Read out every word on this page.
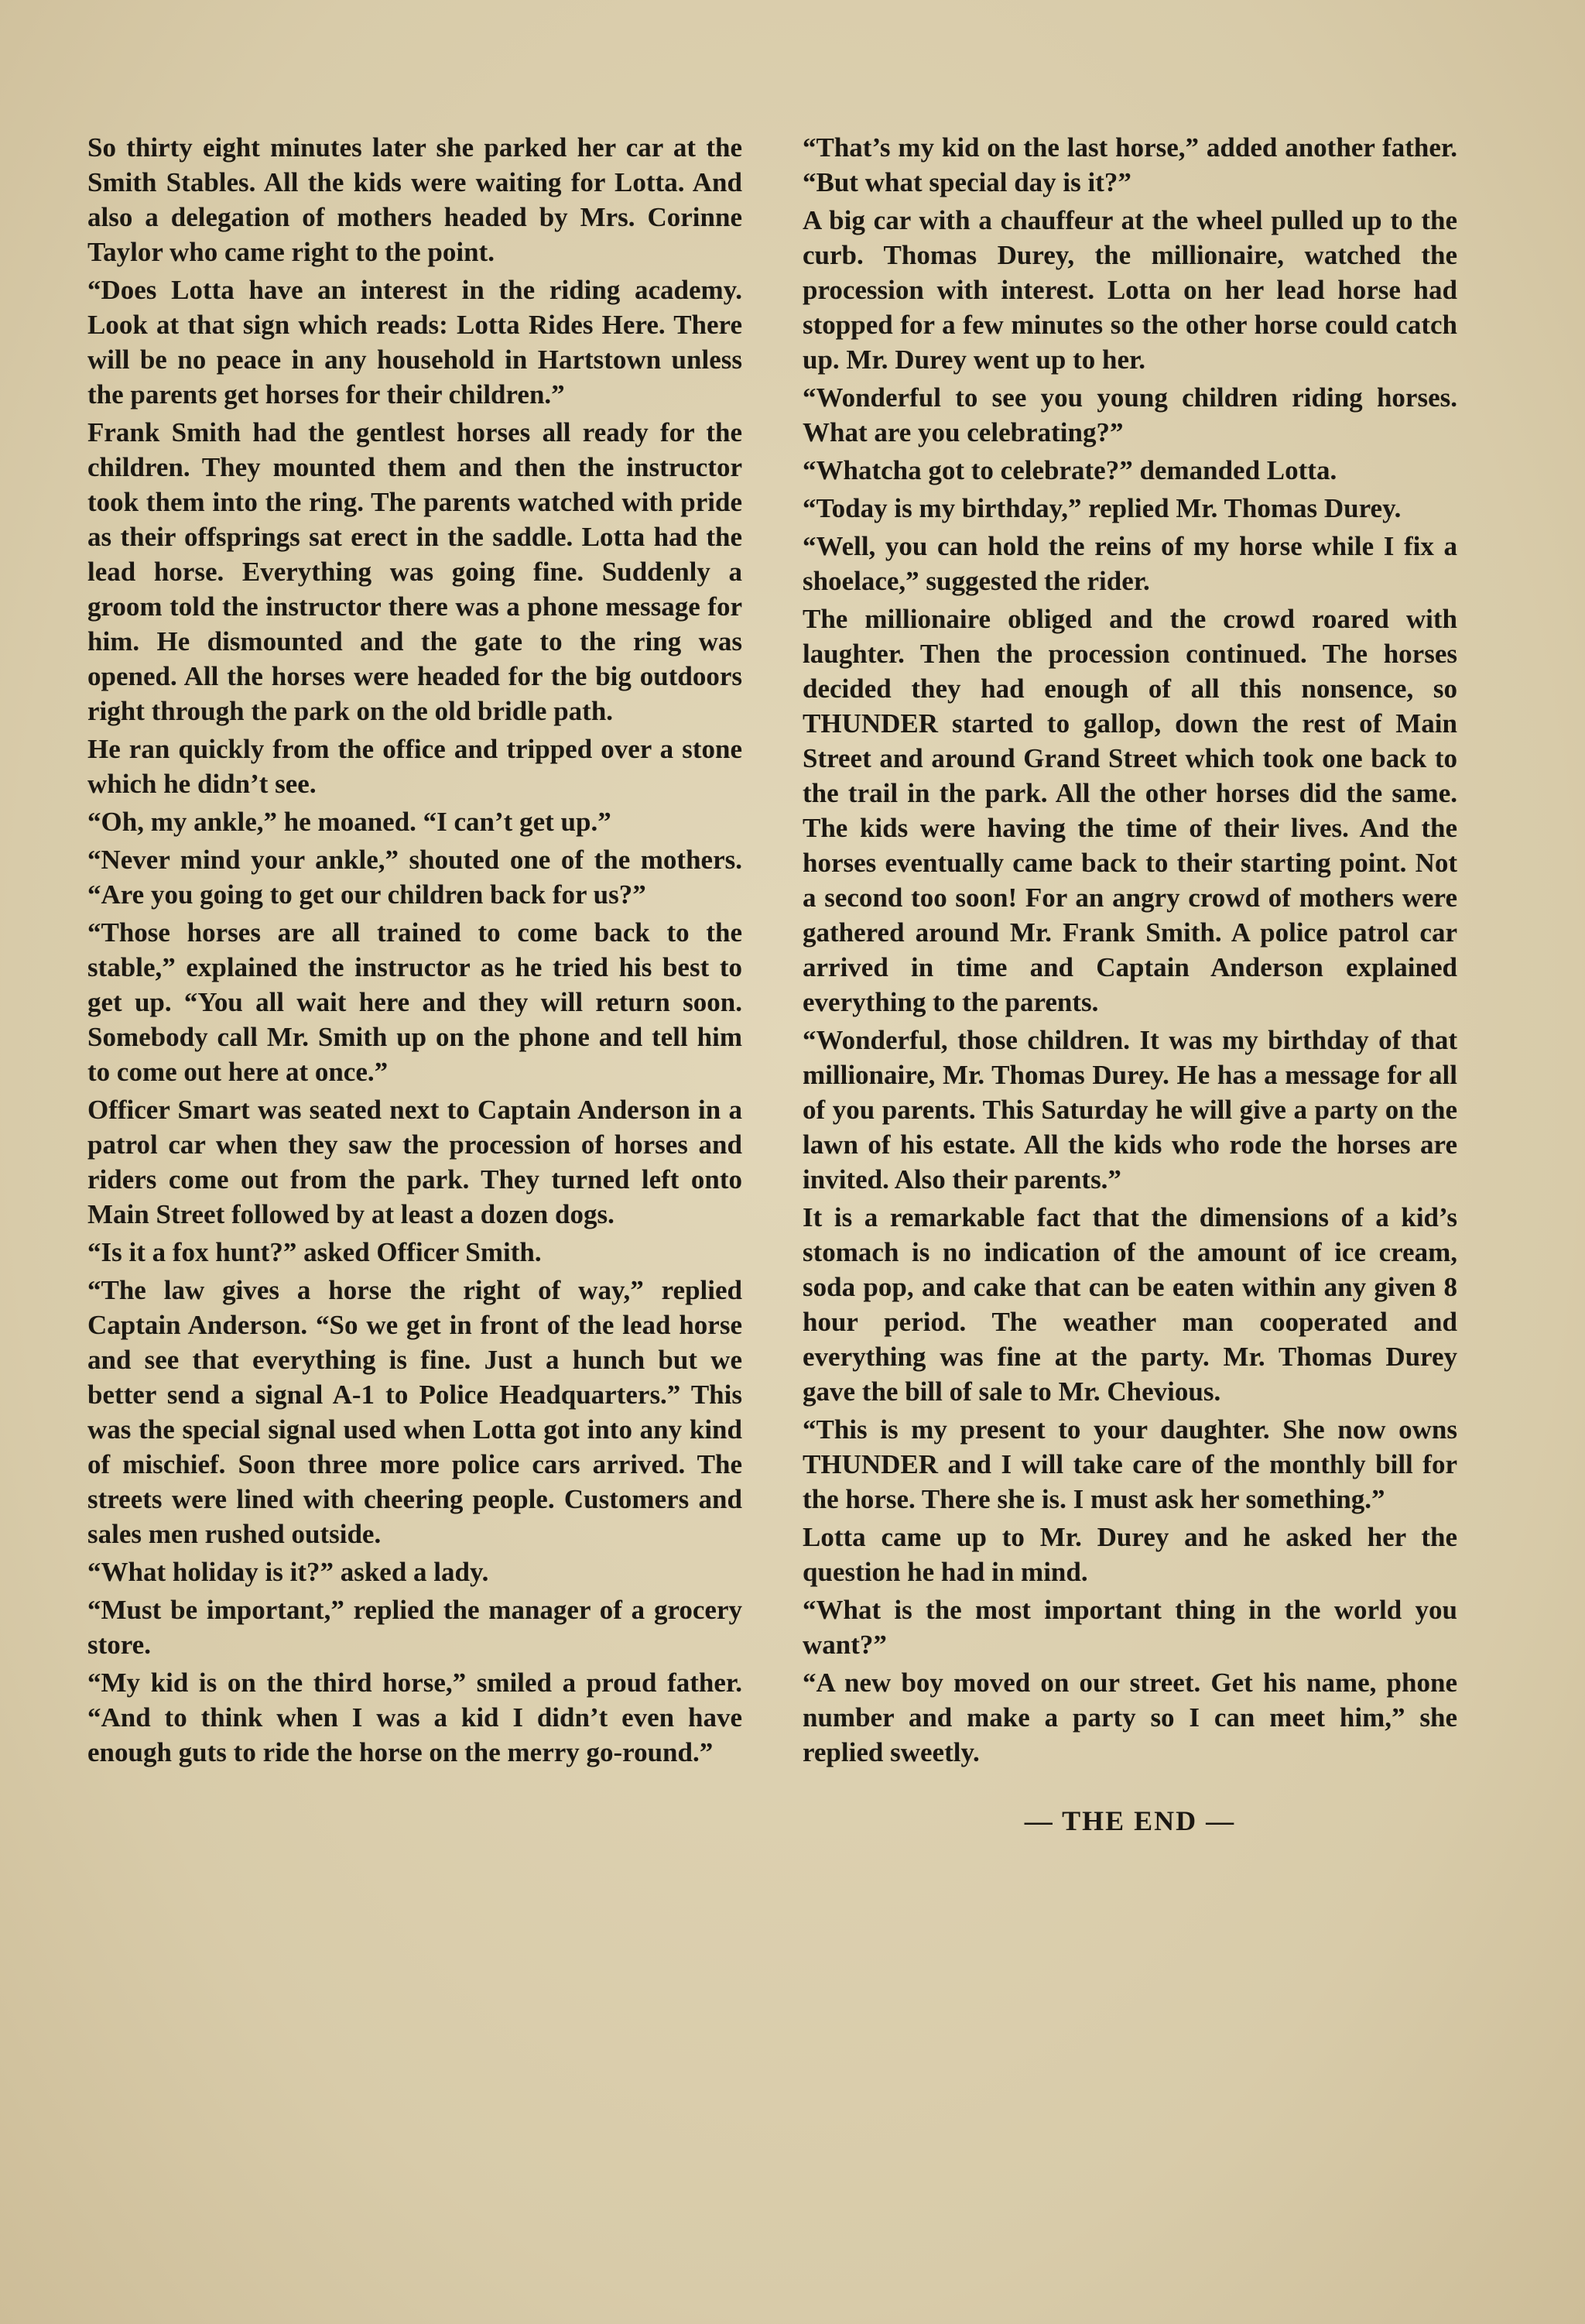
So thirty eight minutes later she parked her car at the Smith Stables. All the kids were waiting for Lotta. And also a delegation of mothers headed by Mrs. Corinne Taylor who came right to the point.

“Does Lotta have an interest in the riding academy. Look at that sign which reads: Lotta Rides Here. There will be no peace in any household in Hartstown unless the parents get horses for their children.”

Frank Smith had the gentlest horses all ready for the children. They mounted them and then the instructor took them into the ring. The parents watched with pride as their offsprings sat erect in the saddle. Lotta had the lead horse. Everything was going fine. Suddenly a groom told the instructor there was a phone message for him. He dismounted and the gate to the ring was opened. All the horses were headed for the big outdoors right through the park on the old bridle path.

He ran quickly from the office and tripped over a stone which he didn’t see.

“Oh, my ankle,” he moaned. “I can’t get up.”

“Never mind your ankle,” shouted one of the mothers. “Are you going to get our children back for us?”

“Those horses are all trained to come back to the stable,” explained the instructor as he tried his best to get up. “You all wait here and they will return soon. Somebody call Mr. Smith up on the phone and tell him to come out here at once.”

Officer Smart was seated next to Captain Anderson in a patrol car when they saw the procession of horses and riders come out from the park. They turned left onto Main Street followed by at least a dozen dogs.

“Is it a fox hunt?” asked Officer Smith.

“The law gives a horse the right of way,” replied Captain Anderson. “So we get in front of the lead horse and see that everything is fine. Just a hunch but we better send a signal A-1 to Police Headquarters.” This was the special signal used when Lotta got into any kind of mischief. Soon three more police cars arrived. The streets were lined with cheering people. Customers and sales men rushed outside.

“What holiday is it?” asked a lady.

“Must be important,” replied the manager of a grocery store.

“My kid is on the third horse,” smiled a proud father. “And to think when I was a kid I didn’t even have enough guts to ride the horse on the merry go-round.”

“That’s my kid on the last horse,” added another father. “But what special day is it?”

A big car with a chauffeur at the wheel pulled up to the curb. Thomas Durey, the millionaire, watched the procession with interest. Lotta on her lead horse had stopped for a few minutes so the other horse could catch up. Mr. Durey went up to her.

“Wonderful to see you young children riding horses. What are you celebrating?”

“Whatcha got to celebrate?” demanded Lotta.

“Today is my birthday,” replied Mr. Thomas Durey.

“Well, you can hold the reins of my horse while I fix a shoelace,” suggested the rider.

The millionaire obliged and the crowd roared with laughter. Then the procession continued. The horses decided they had enough of all this nonsence, so THUNDER started to gallop, down the rest of Main Street and around Grand Street which took one back to the trail in the park. All the other horses did the same. The kids were having the time of their lives. And the horses eventually came back to their starting point. Not a second too soon! For an angry crowd of mothers were gathered around Mr. Frank Smith. A police patrol car arrived in time and Captain Anderson explained everything to the parents.

“Wonderful, those children. It was my birthday of that millionaire, Mr. Thomas Durey. He has a message for all of you parents. This Saturday he will give a party on the lawn of his estate. All the kids who rode the horses are invited. Also their parents.”

It is a remarkable fact that the dimensions of a kid’s stomach is no indication of the amount of ice cream, soda pop, and cake that can be eaten within any given 8 hour period. The weather man cooperated and everything was fine at the party. Mr. Thomas Durey gave the bill of sale to Mr. Chevious.

“This is my present to your daughter. She now owns THUNDER and I will take care of the monthly bill for the horse. There she is. I must ask her something.”

Lotta came up to Mr. Durey and he asked her the question he had in mind.

“What is the most important thing in the world you want?”

“A new boy moved on our street. Get his name, phone number and make a party so I can meet him,” she replied sweetly.

— THE END —
